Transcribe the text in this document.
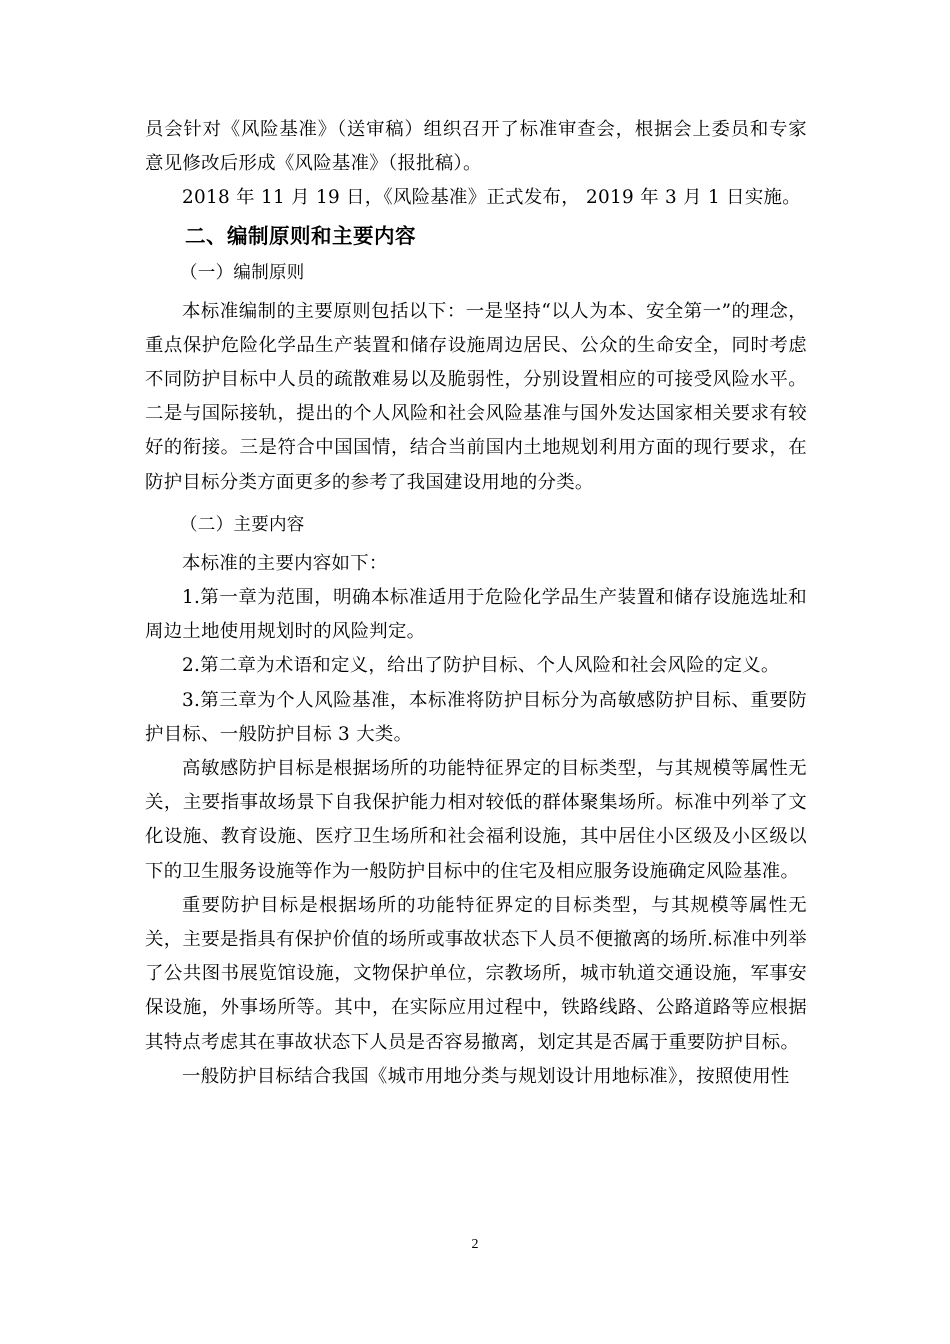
员会针对《风险基准》（送审稿）组织召开了标准审查会，根据会上委员和专家意见修改后形成《风险基准》（报批稿）。

2018 年 11 月 19 日，《风险基准》正式发布， 2019 年 3 月 1 日实施。

二、编制原则和主要内容
（一）编制原则

本标准编制的主要原则包括以下：一是坚持“以人为本、安全第一”的理念，重点保护危险化学品生产装置和储存设施周边居民、公众的生命安全，同时考虑不同防护目标中人员的疏散难易以及脆弱性，分别设置相应的可接受风险水平。二是与国际接轨，提出的个人风险和社会风险基准与国外发达国家相关要求有较好的衔接。三是符合中国国情，结合当前国内土地规划利用方面的现行要求，在防护目标分类方面更多的参考了我国建设用地的分类。

（二）主要内容

本标准的主要内容如下：

1.第一章为范围，明确本标准适用于危险化学品生产装置和储存设施选址和周边土地使用规划时的风险判定。

2.第二章为术语和定义，给出了防护目标、个人风险和社会风险的定义。

3.第三章为个人风险基准，本标准将防护目标分为高敏感防护目标、重要防护目标、一般防护目标 3 大类。

高敏感防护目标是根据场所的功能特征界定的目标类型，与其规模等属性无关，主要指事故场景下自我保护能力相对较低的群体聚集场所。标准中列举了文化设施、教育设施、医疗卫生场所和社会福利设施，其中居住小区级及小区级以下的卫生服务设施等作为一般防护目标中的住宅及相应服务设施确定风险基准。

重要防护目标是根据场所的功能特征界定的目标类型，与其规模等属性无关，主要是指具有保护价值的场所或事故状态下人员不便撤离的场所.标准中列举了公共图书展览馆设施，文物保护单位，宗教场所，城市轨道交通设施，军事安保设施，外事场所等。其中，在实际应用过程中，铁路线路、公路道路等应根据其特点考虑其在事故状态下人员是否容易撤离，划定其是否属于重要防护目标。

一般防护目标结合我国《城市用地分类与规划设计用地标准》，按照使用性

2
